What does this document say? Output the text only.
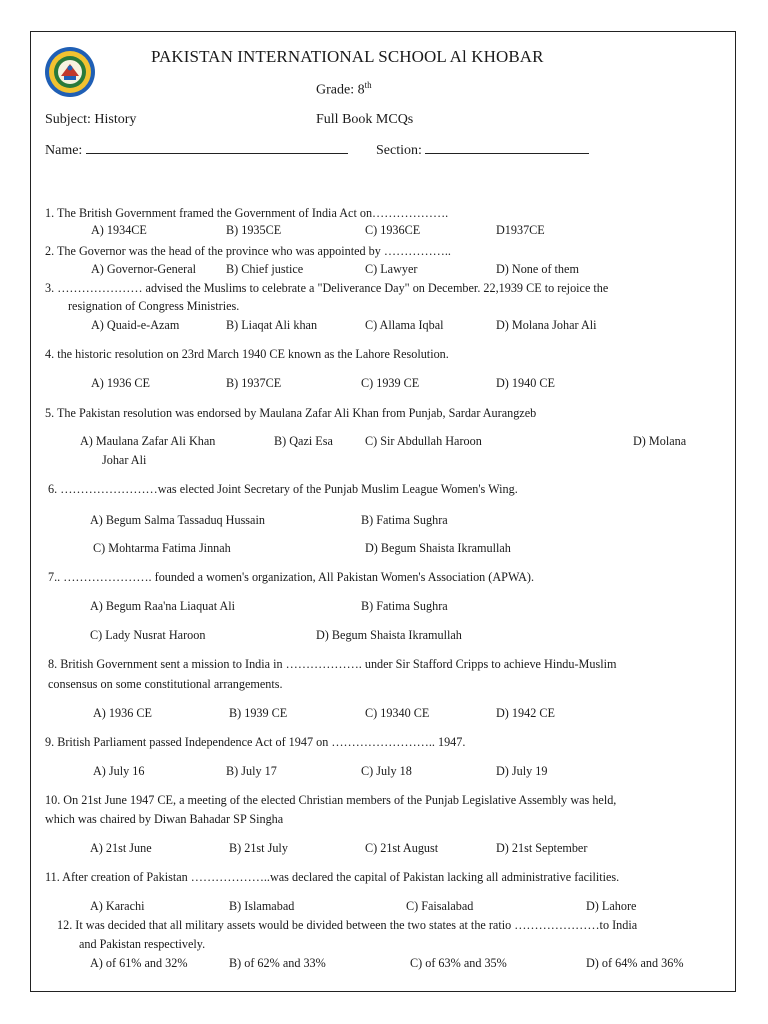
PAKISTAN INTERNATIONAL SCHOOL Al KHOBAR
Grade: 8th
Subject: History	Full Book MCQs
Name:	Section:
1. The British Government framed the Government of India Act on……………….
A) 1934CE	B) 1935CE	C) 1936CE	D1937CE
2. The Governor was the head of the province who was appointed by ……………..
A) Governor-General B) Chief justice	C) Lawyer	D) None of them
3. ………………… advised the Muslims to celebrate a "Deliverance Day" on December. 22,1939 CE to rejoice the
resignation of Congress Ministries.
A) Quaid-e-Azam	B) Liaqat Ali khan	C) Allama Iqbal	D) Molana Johar Ali
4. the historic resolution on 23rd March 1940 CE known as the Lahore Resolution.
A) 1936 CE	B) 1937CE	C) 1939 CE	D) 1940 CE
5. The Pakistan resolution was endorsed by Maulana Zafar Ali Khan from Punjab, Sardar Aurangzeb
A) Maulana Zafar Ali Khan	B) Qazi Esa	C) Sir Abdullah Haroon	D) Molana
Johar Ali
6. ……………………was elected Joint Secretary of the Punjab Muslim League Women's Wing.
A) Begum Salma Tassaduq Hussain	B) Fatima Sughra
C) Mohtarma Fatima Jinnah	D) Begum Shaista Ikramullah
7.. …………………. founded a women's organization, All Pakistan Women's Association (APWA).
A) Begum Raa'na Liaquat Ali	B) Fatima Sughra
C) Lady Nusrat Haroon	D) Begum Shaista Ikramullah
8. British Government sent a mission to India in ………………. under Sir Stafford Cripps to achieve Hindu-Muslim
consensus on some constitutional arrangements.
A) 1936 CE	B) 1939 CE	C) 19340 CE	D) 1942 CE
9. British Parliament passed Independence Act of 1947 on …………………….. 1947.
A) July 16	B) July 17	C) July 18	D) July 19
10. On 21st June 1947 CE, a meeting of the elected Christian members of the Punjab Legislative Assembly was held,
which was chaired by Diwan Bahadar SP Singha
A) 21st June	B) 21st July	C) 21st August	D) 21st September
11. After creation of Pakistan ………………..was declared the capital of Pakistan lacking all administrative facilities.
A) Karachi	B) Islamabad	C) Faisalabad	D) Lahore
12. It was decided that all military assets would be divided between the two states at the ratio …………………to India
and Pakistan respectively.
A) of 61% and 32%	B) of 62% and 33%	C) of 63% and 35%	D) of 64% and 36%
